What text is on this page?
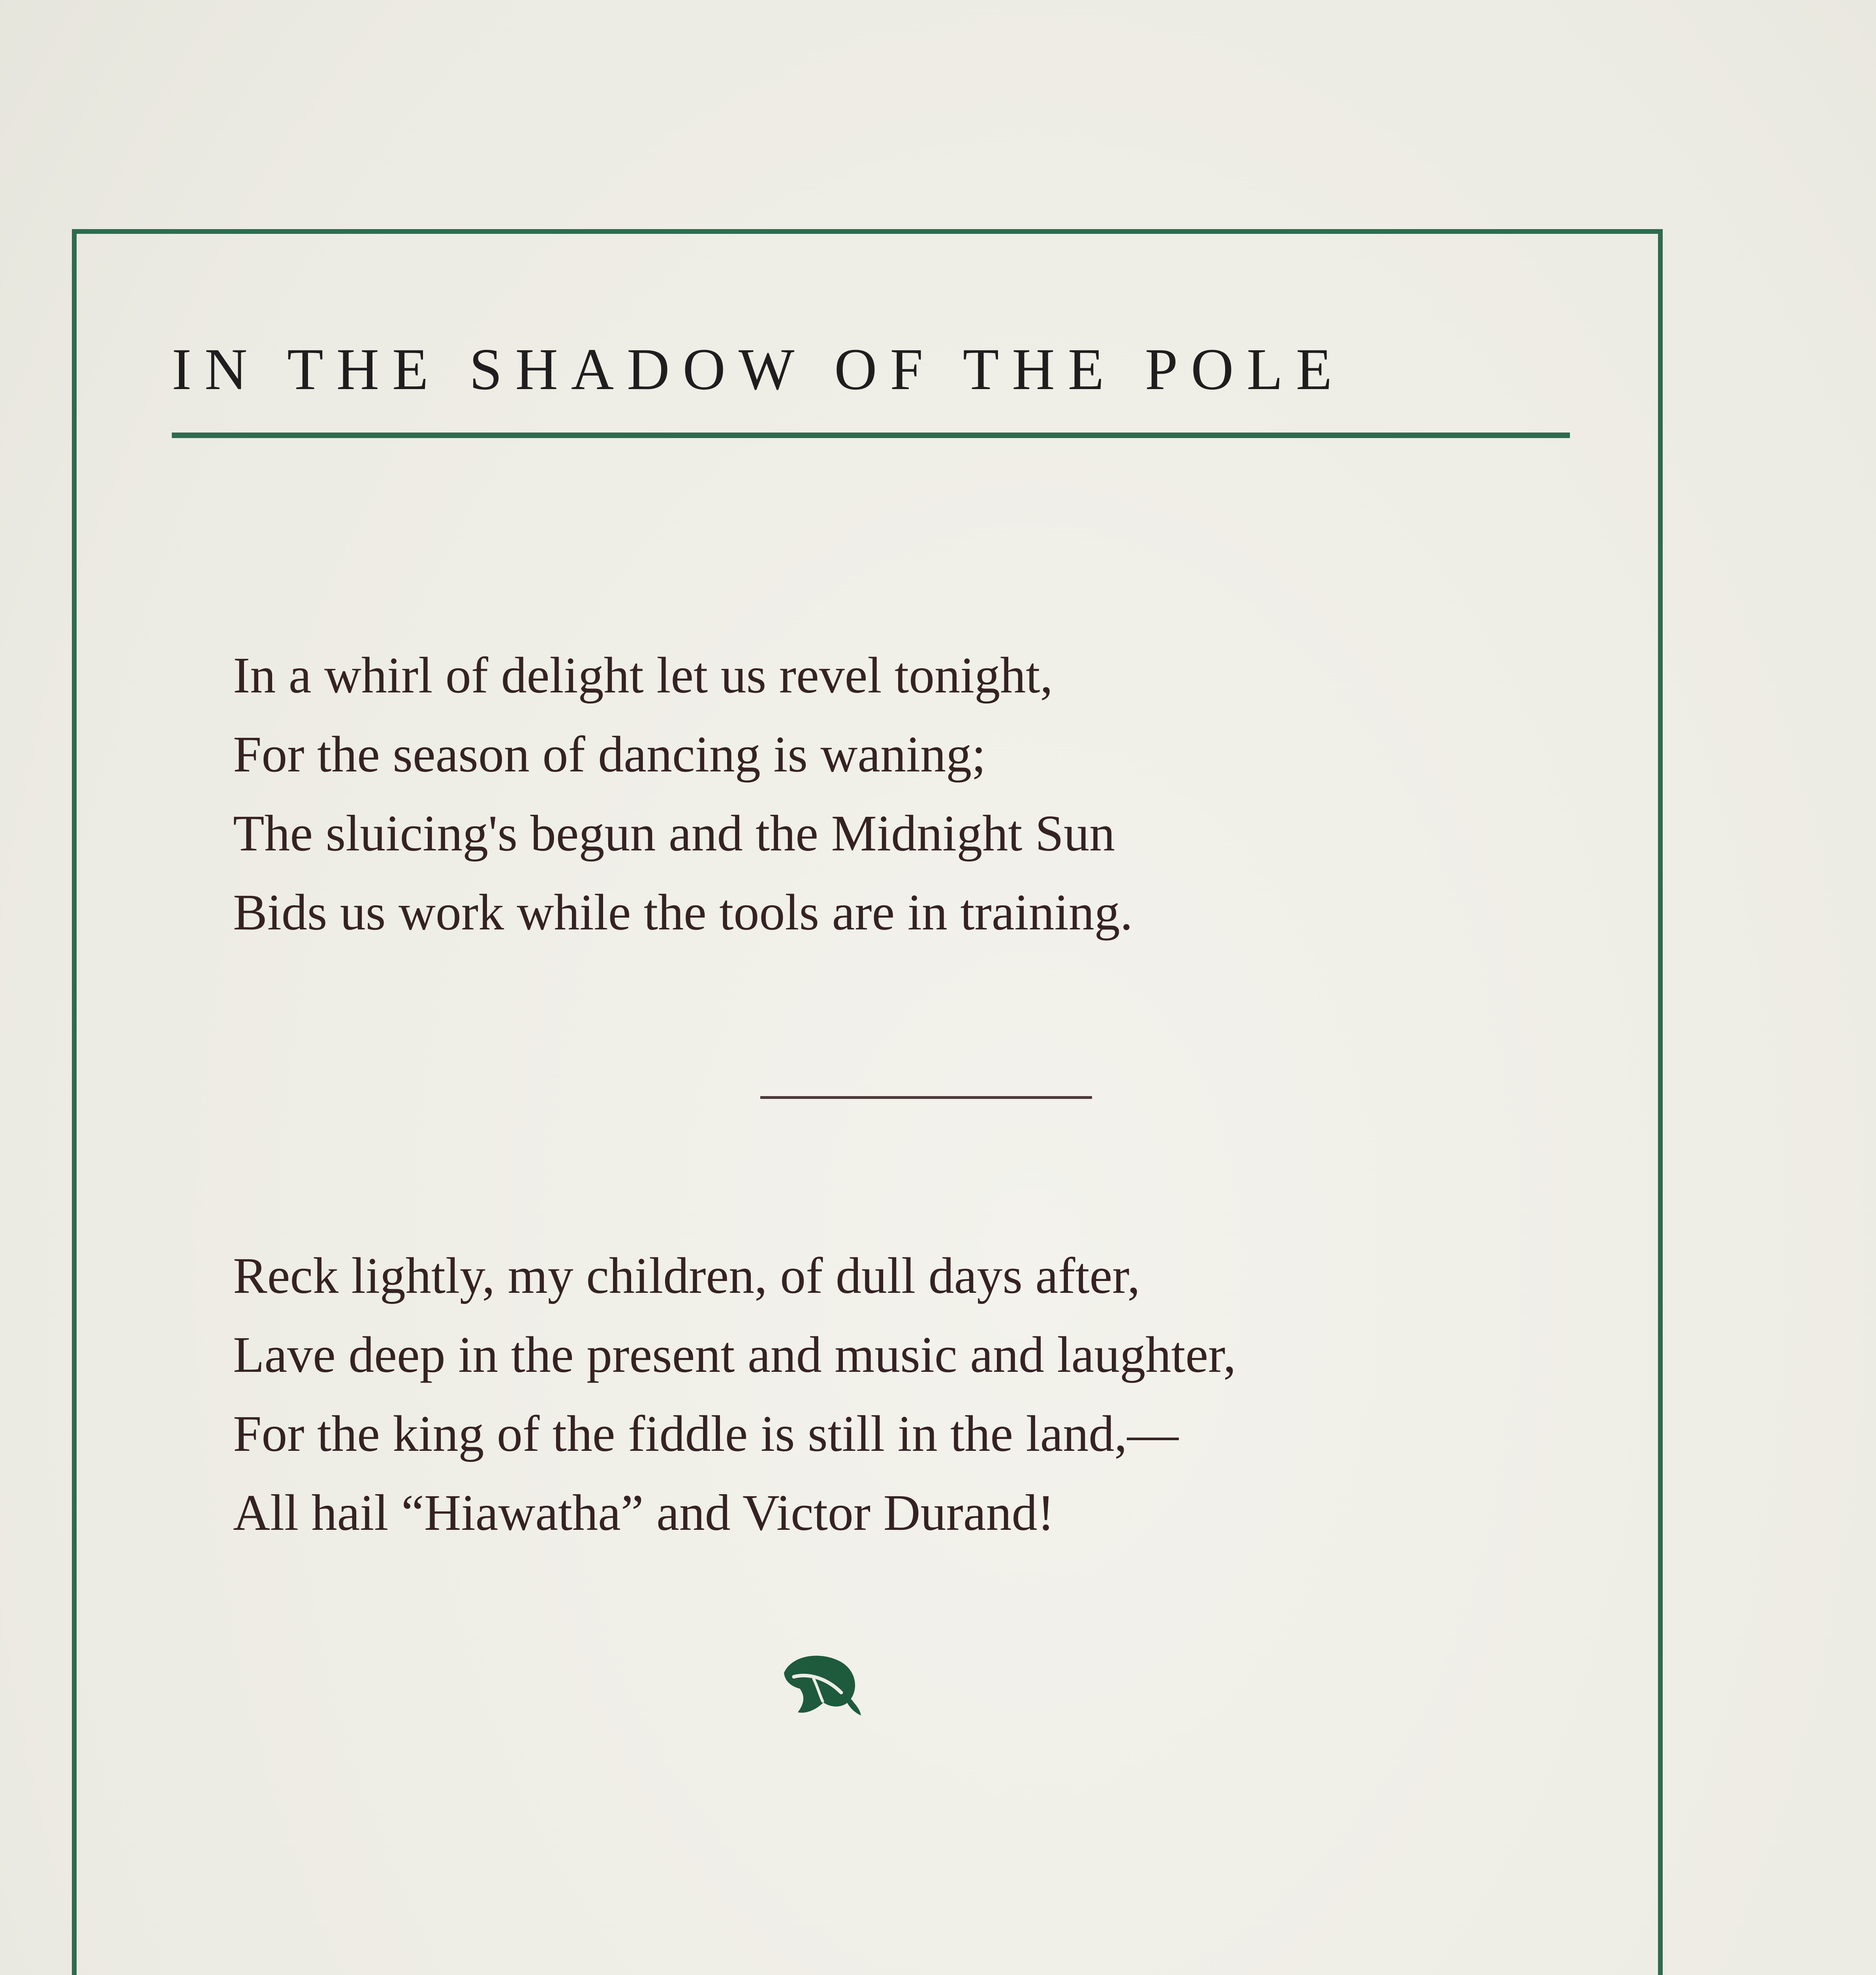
IN THE SHADOW OF THE POLE
In a whirl of delight let us revel tonight,
For the season of dancing is waning;
The sluicing's begun and the Midnight Sun
Bids us work while the tools are in training.
Reck lightly, my children, of dull days after,
Lave deep in the present and music and laughter,
For the king of the fiddle is still in the land,—
All hail “Hiawatha” and Victor Durand!
